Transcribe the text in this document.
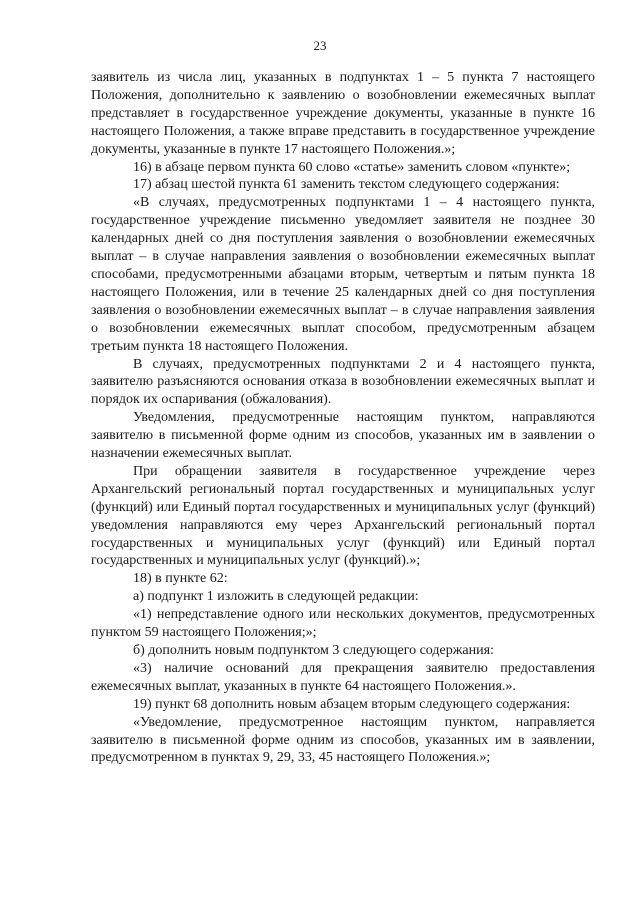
23

заявитель из числа лиц, указанных в подпунктах 1 – 5 пункта 7 настоящего Положения, дополнительно к заявлению о возобновлении ежемесячных выплат представляет в государственное учреждение документы, указанные в пункте 16 настоящего Положения, а также вправе представить в государственное учреждение документы, указанные в пункте 17 настоящего Положения.»;

16) в абзаце первом пункта 60 слово «статье» заменить словом «пункте»;

17) абзац шестой пункта 61 заменить текстом следующего содержания:

«В случаях, предусмотренных подпунктами 1 – 4 настоящего пункта, государственное учреждение письменно уведомляет заявителя не позднее 30 календарных дней со дня поступления заявления о возобновлении ежемесячных выплат – в случае направления заявления о возобновлении ежемесячных выплат способами, предусмотренными абзацами вторым, четвертым и пятым пункта 18 настоящего Положения, или в течение 25 календарных дней со дня поступления заявления о возобновлении ежемесячных выплат – в случае направления заявления о возобновлении ежемесячных выплат способом, предусмотренным абзацем третьим пункта 18 настоящего Положения.

В случаях, предусмотренных подпунктами 2 и 4 настоящего пункта, заявителю разъясняются основания отказа в возобновлении ежемесячных выплат и порядок их оспаривания (обжалования).

Уведомления, предусмотренные настоящим пунктом, направляются заявителю в письменной форме одним из способов, указанных им в заявлении о назначении ежемесячных выплат.

При обращении заявителя в государственное учреждение через Архангельский региональный портал государственных и муниципальных услуг (функций) или Единый портал государственных и муниципальных услуг (функций) уведомления направляются ему через Архангельский региональный портал государственных и муниципальных услуг (функций) или Единый портал государственных и муниципальных услуг (функций).»;

18) в пункте 62:

а) подпункт 1 изложить в следующей редакции:

«1) непредставление одного или нескольких документов, предусмотренных пунктом 59 настоящего Положения;»;

б) дополнить новым подпунктом 3 следующего содержания:

«3) наличие оснований для прекращения заявителю предоставления ежемесячных выплат, указанных в пункте 64 настоящего Положения.».

19) пункт 68 дополнить новым абзацем вторым следующего содержания:

«Уведомление, предусмотренное настоящим пунктом, направляется заявителю в письменной форме одним из способов, указанных им в заявлении, предусмотренном в пунктах 9, 29, 33, 45 настоящего Положения.»;
